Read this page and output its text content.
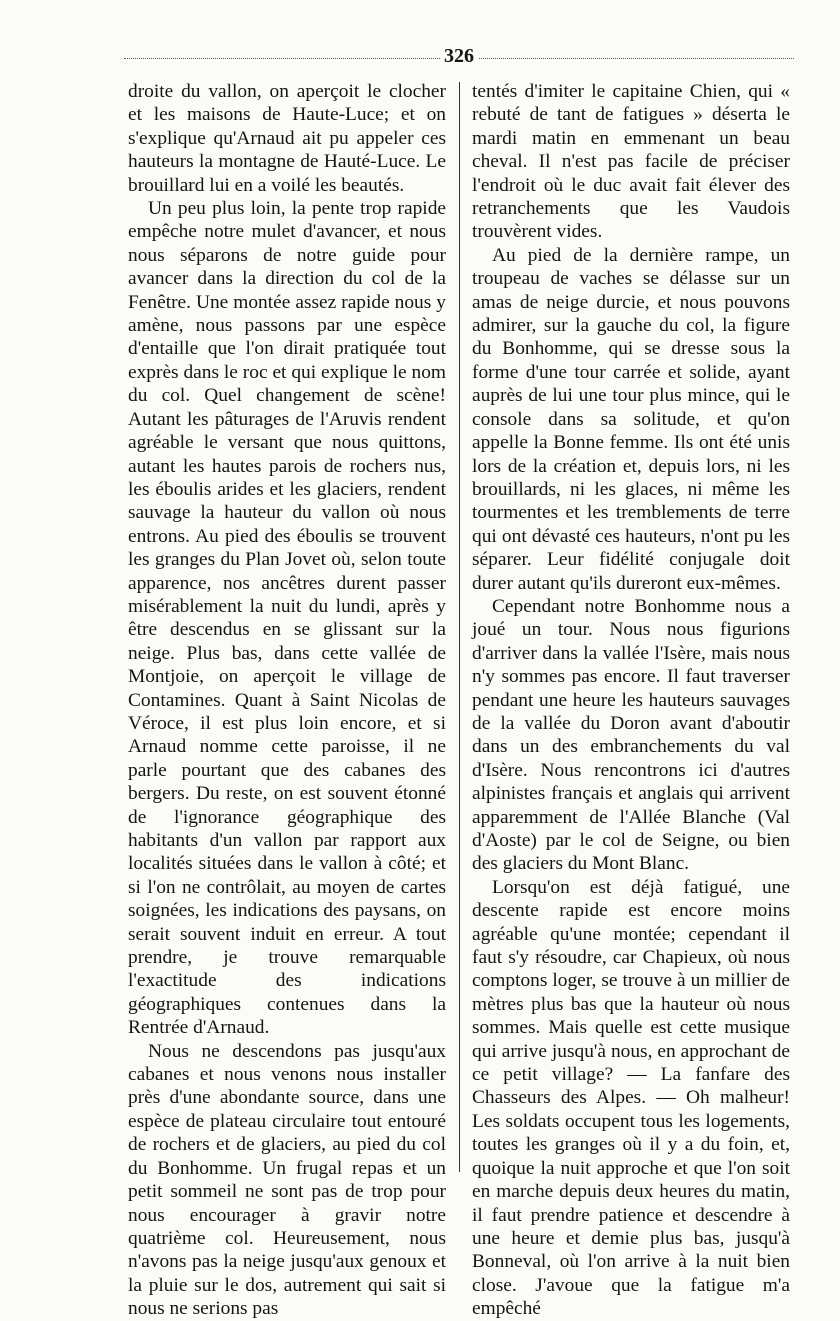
326

droite du vallon, on aperçoit le clocher et les maisons de Haute-Luce; et on s'explique qu'Arnaud ait pu appeler ces hauteurs la montagne de Hauté-Luce. Le brouillard lui en a voilé les beautés.

Un peu plus loin, la pente trop rapide empêche notre mulet d'avancer, et nous nous séparons de notre guide pour avancer dans la direction du col de la Fenêtre. Une montée assez rapide nous y amène, nous passons par une espèce d'entaille que l'on dirait pratiquée tout exprès dans le roc et qui explique le nom du col. Quel changement de scène! Autant les pâturages de l'Aruvis rendent agréable le versant que nous quittons, autant les hautes parois de rochers nus, les éboulis arides et les glaciers, rendent sauvage la hauteur du vallon où nous entrons. Au pied des éboulis se trouvent les granges du Plan Jovet où, selon toute apparence, nos ancêtres durent passer misérablement la nuit du lundi, après y être descendus en se glissant sur la neige. Plus bas, dans cette vallée de Montjoie, on aperçoit le village de Contamines. Quant à Saint Nicolas de Véroce, il est plus loin encore, et si Arnaud nomme cette paroisse, il ne parle pourtant que des cabanes des bergers. Du reste, on est souvent étonné de l'ignorance géographique des habitants d'un vallon par rapport aux localités situées dans le vallon à côté; et si l'on ne contrôlait, au moyen de cartes soignées, les indications des paysans, on serait souvent induit en erreur. A tout prendre, je trouve remarquable l'exactitude des indications géographiques contenues dans la Rentrée d'Arnaud.

Nous ne descendons pas jusqu'aux cabanes et nous venons nous installer près d'une abondante source, dans une espèce de plateau circulaire tout entouré de rochers et de glaciers, au pied du col du Bonhomme. Un frugal repas et un petit sommeil ne sont pas de trop pour nous encourager à gravir notre quatrième col. Heureusement, nous n'avons pas la neige jusqu'aux genoux et la pluie sur le dos, autrement qui sait si nous ne serions pas

tentés d'imiter le capitaine Chien, qui « rebuté de tant de fatigues » déserta le mardi matin en emmenant un beau cheval. Il n'est pas facile de préciser l'endroit où le duc avait fait élever des retranchements que les Vaudois trouvèrent vides.

Au pied de la dernière rampe, un troupeau de vaches se délasse sur un amas de neige durcie, et nous pouvons admirer, sur la gauche du col, la figure du Bonhomme, qui se dresse sous la forme d'une tour carrée et solide, ayant auprès de lui une tour plus mince, qui le console dans sa solitude, et qu'on appelle la Bonne femme. Ils ont été unis lors de la création et, depuis lors, ni les brouillards, ni les glaces, ni même les tourmentes et les tremblements de terre qui ont dévasté ces hauteurs, n'ont pu les séparer. Leur fidélité conjugale doit durer autant qu'ils dureront eux-mêmes.

Cependant notre Bonhomme nous a joué un tour. Nous nous figurions d'arriver dans la vallée l'Isère, mais nous n'y sommes pas encore. Il faut traverser pendant une heure les hauteurs sauvages de la vallée du Doron avant d'aboutir dans un des embranchements du val d'Isère. Nous rencontrons ici d'autres alpinistes français et anglais qui arrivent apparemment de l'Allée Blanche (Val d'Aoste) par le col de Seigne, ou bien des glaciers du Mont Blanc.

Lorsqu'on est déjà fatigué, une descente rapide est encore moins agréable qu'une montée; cependant il faut s'y résoudre, car Chapieux, où nous comptons loger, se trouve à un millier de mètres plus bas que la hauteur où nous sommes. Mais quelle est cette musique qui arrive jusqu'à nous, en approchant de ce petit village? — La fanfare des Chasseurs des Alpes. — Oh malheur! Les soldats occupent tous les logements, toutes les granges où il y a du foin, et, quoique la nuit approche et que l'on soit en marche depuis deux heures du matin, il faut prendre patience et descendre à une heure et demie plus bas, jusqu'à Bonneval, où l'on arrive à la nuit bien close. J'avoue que la fatigue m'a empêché
